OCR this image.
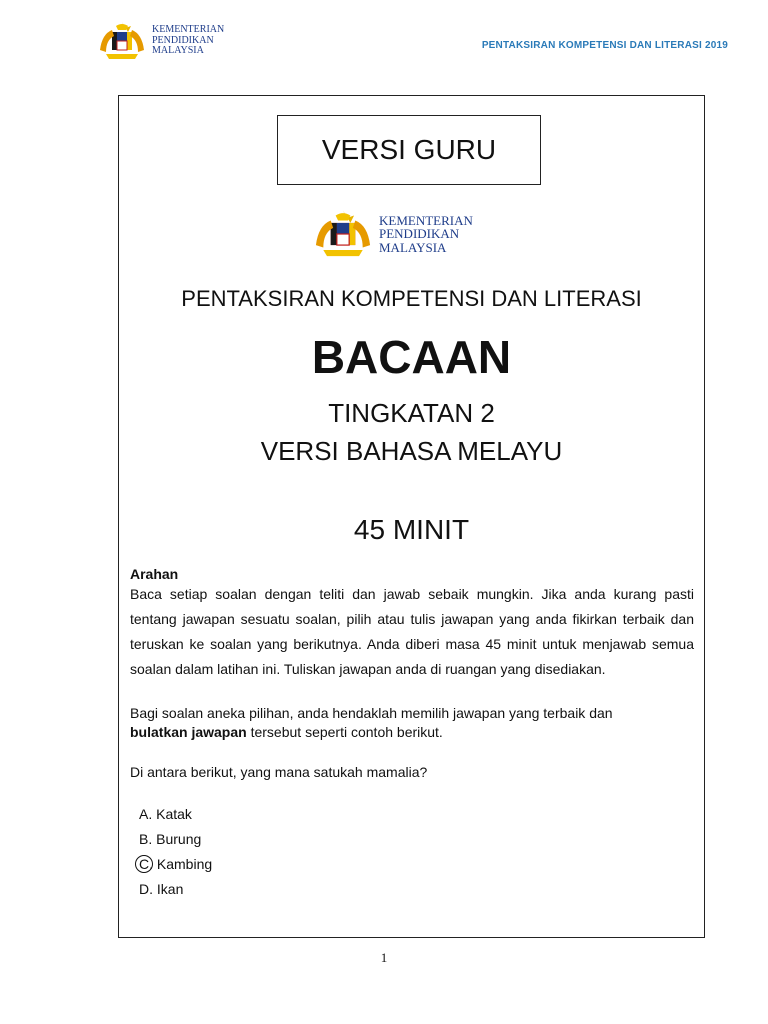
KEMENTERIAN
PENDIDIKAN
MALAYSIA	PENTAKSIRAN KOMPETENSI DAN LITERASI 2019
VERSI GURU
KEMENTERIAN
PENDIDIKAN
MALAYSIA
PENTAKSIRAN KOMPETENSI DAN LITERASI
BACAAN
TINGKATAN 2
VERSI BAHASA MELAYU
45 MINIT
Arahan

Baca setiap soalan dengan teliti dan jawab sebaik mungkin. Jika anda kurang pasti tentang jawapan sesuatu soalan, pilih atau tulis jawapan yang anda fikirkan terbaik dan teruskan ke soalan yang berikutnya. Anda diberi masa 45 minit untuk menjawab semua soalan dalam latihan ini. Tuliskan jawapan anda di ruangan yang disediakan.

Bagi soalan aneka pilihan, anda hendaklah memilih jawapan yang terbaik dan
bulatkan jawapan tersebut seperti contoh berikut.

Di antara berikut, yang mana satukah mamalia?
A. Katak
B. Burung
C. Kambing
D. Ikan
1
